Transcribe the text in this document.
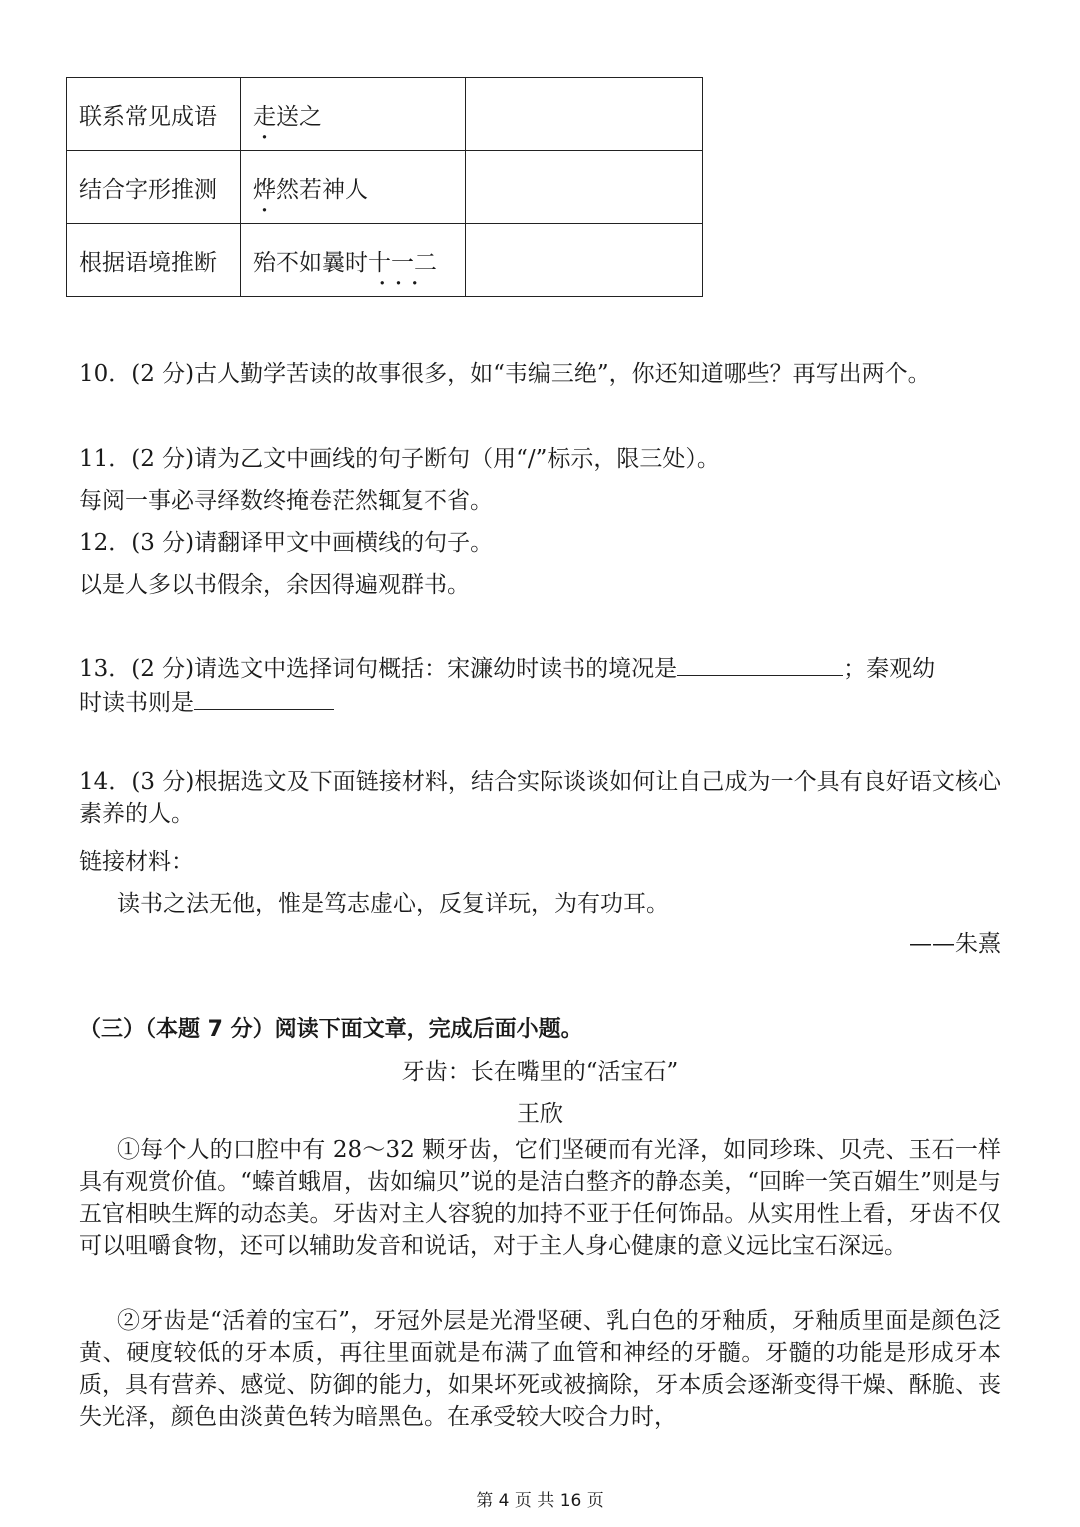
联系常见成语	走送之	
结合字形推测	烨然若神人	
根据语境推断	殆不如曩时十一二
···	

10．(2 分)古人勤学苦读的故事很多，如“韦编三绝”，你还知道哪些？再写出两个。
11．(2 分)请为乙文中画线的句子断句（用“/”标示，限三处）。
每阅一事必寻绎数终掩卷茫然辄复不省。
12．(3 分)请翻译甲文中画横线的句子。
以是人多以书假余，余因得遍观群书。
13．(2 分)请选文中选择词句概括：宋濂幼时读书的境况是	；秦观幼
时读书则是
14．(3 分)根据选文及下面链接材料，结合实际谈谈如何让自己成为一个具有良好语文核心素养的人。
链接材料：
读书之法无他，惟是笃志虚心，反复详玩，为有功耳。
——朱熹
（三）（本题 7 分）阅读下面文章，完成后面小题。
牙齿：长在嘴里的“活宝石”
王欣
①每个人的口腔中有 28～32 颗牙齿，它们坚硬而有光泽，如同珍珠、贝壳、玉石一样具有观赏价值。“螓首蛾眉，齿如编贝”说的是洁白整齐的静态美，“回眸一笑百媚生”则是与五官相映生辉的动态美。牙齿对主人容貌的加持不亚于任何饰品。从实用性上看，牙齿不仅可以咀嚼食物，还可以辅助发音和说话，对于主人身心健康的意义远比宝石深远。
②牙齿是“活着的宝石”，牙冠外层是光滑坚硬、乳白色的牙釉质，牙釉质里面是颜色泛黄、硬度较低的牙本质，再往里面就是布满了血管和神经的牙髓。牙髓的功能是形成牙本质，具有营养、感觉、防御的能力，如果坏死或被摘除，牙本质会逐渐变得干燥、酥脆、丧失光泽，颜色由淡黄色转为暗黑色。在承受较大咬合力时，
第 4 页 共 16 页
